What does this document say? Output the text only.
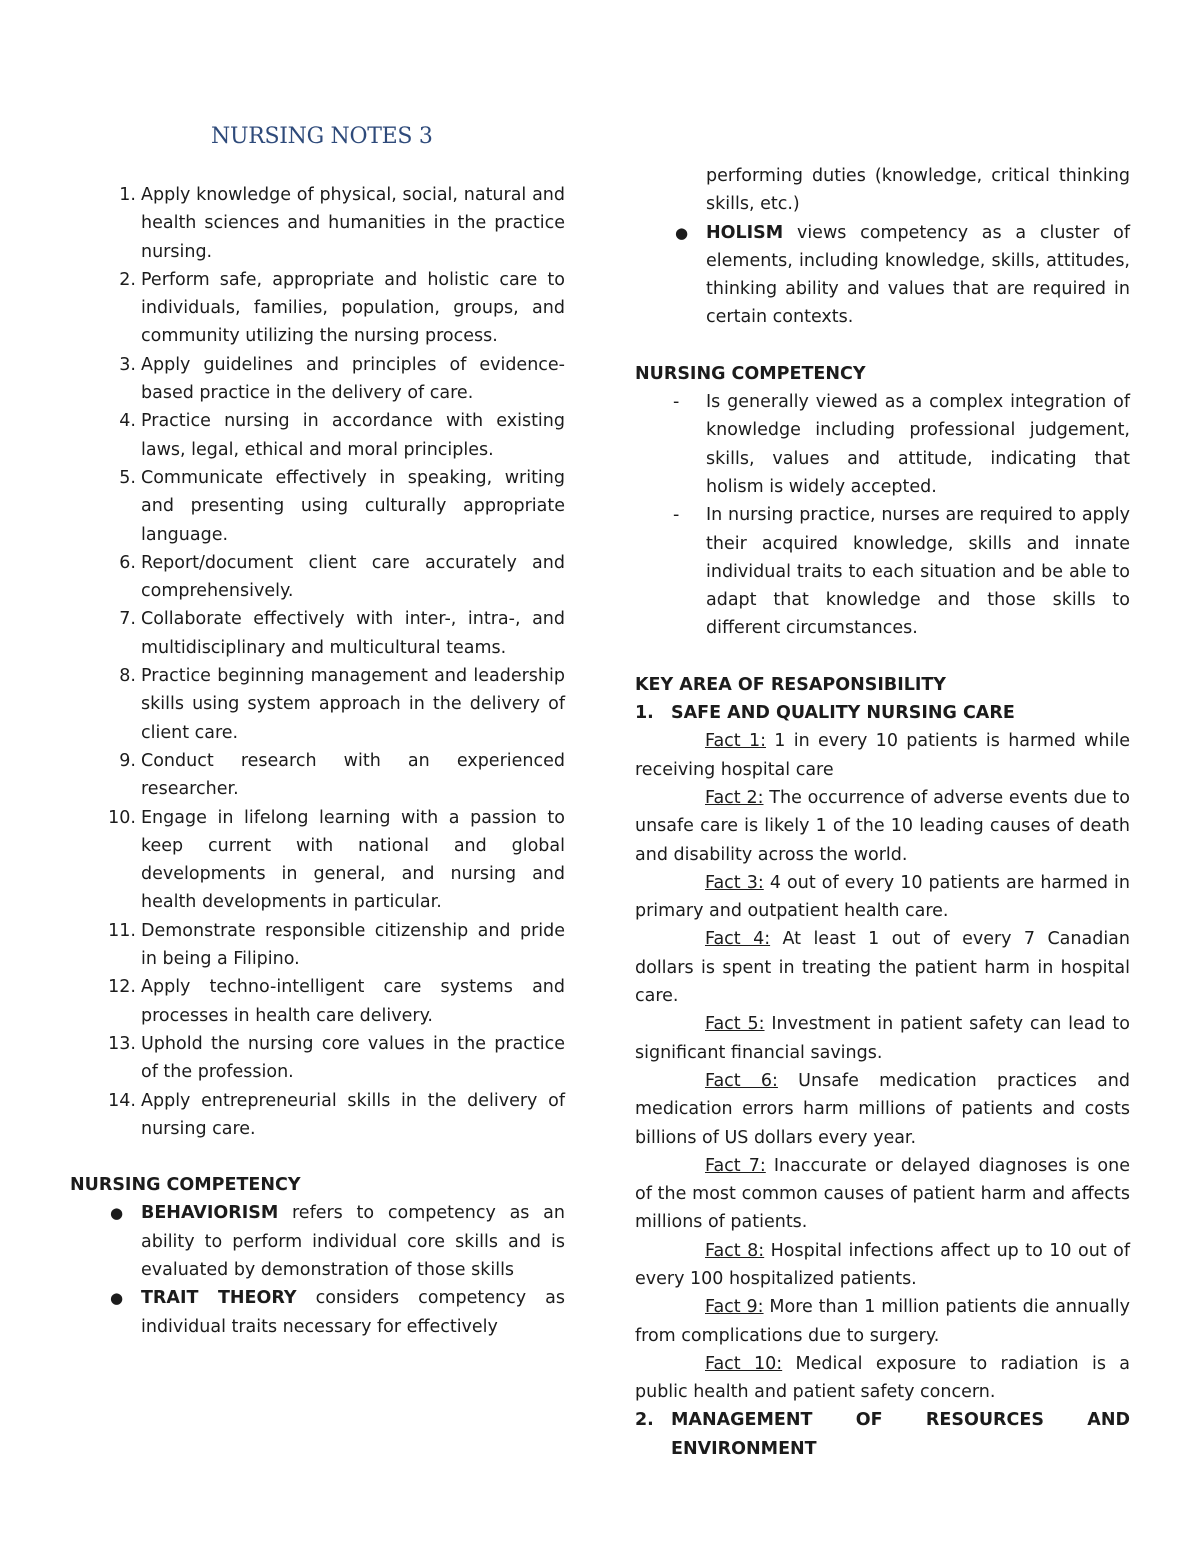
NURSING NOTES 3
1. Apply knowledge of physical, social, natural and health sciences and humanities in the practice nursing.
2. Perform safe, appropriate and holistic care to individuals, families, population, groups, and community utilizing the nursing process.
3. Apply guidelines and principles of evidence-based practice in the delivery of care.
4. Practice nursing in accordance with existing laws, legal, ethical and moral principles.
5. Communicate effectively in speaking, writing and presenting using culturally appropriate language.
6. Report/document client care accurately and comprehensively.
7. Collaborate effectively with inter-, intra-, and multidisciplinary and multicultural teams.
8. Practice beginning management and leadership skills using system approach in the delivery of client care.
9. Conduct research with an experienced researcher.
10. Engage in lifelong learning with a passion to keep current with national and global developments in general, and nursing and health developments in particular.
11. Demonstrate responsible citizenship and pride in being a Filipino.
12. Apply techno-intelligent care systems and processes in health care delivery.
13. Uphold the nursing core values in the practice of the profession.
14. Apply entrepreneurial skills in the delivery of nursing care.

NURSING COMPETENCY

● BEHAVIORISM refers to competency as an ability to perform individual core skills and is evaluated by demonstration of those skills
● TRAIT THEORY considers competency as individual traits necessary for effectively

performing duties (knowledge, critical thinking skills, etc.)

● HOLISM views competency as a cluster of elements, including knowledge, skills, attitudes, thinking ability and values that are required in certain contexts.

NURSING COMPETENCY

- Is generally viewed as a complex integration of knowledge including professional judgement, skills, values and attitude, indicating that holism is widely accepted.
- In nursing practice, nurses are required to apply their acquired knowledge, skills and innate individual traits to each situation and be able to adapt that knowledge and those skills to different circumstances.

KEY AREA OF RESAPONSIBILITY

1. SAFE AND QUALITY NURSING CARE

Fact 1: 1 in every 10 patients is harmed while receiving hospital care

Fact 2: The occurrence of adverse events due to unsafe care is likely 1 of the 10 leading causes of death and disability across the world.

Fact 3: 4 out of every 10 patients are harmed in primary and outpatient health care.

Fact 4: At least 1 out of every 7 Canadian dollars is spent in treating the patient harm in hospital care.

Fact 5: Investment in patient safety can lead to significant financial savings.

Fact 6: Unsafe medication practices and medication errors harm millions of patients and costs billions of US dollars every year.

Fact 7: Inaccurate or delayed diagnoses is one of the most common causes of patient harm and affects millions of patients.

Fact 8: Hospital infections affect up to 10 out of every 100 hospitalized patients.

Fact 9: More than 1 million patients die annually from complications due to surgery.

Fact 10: Medical exposure to radiation is a public health and patient safety concern.

2. MANAGEMENT OF RESOURCES AND ENVIRONMENT
